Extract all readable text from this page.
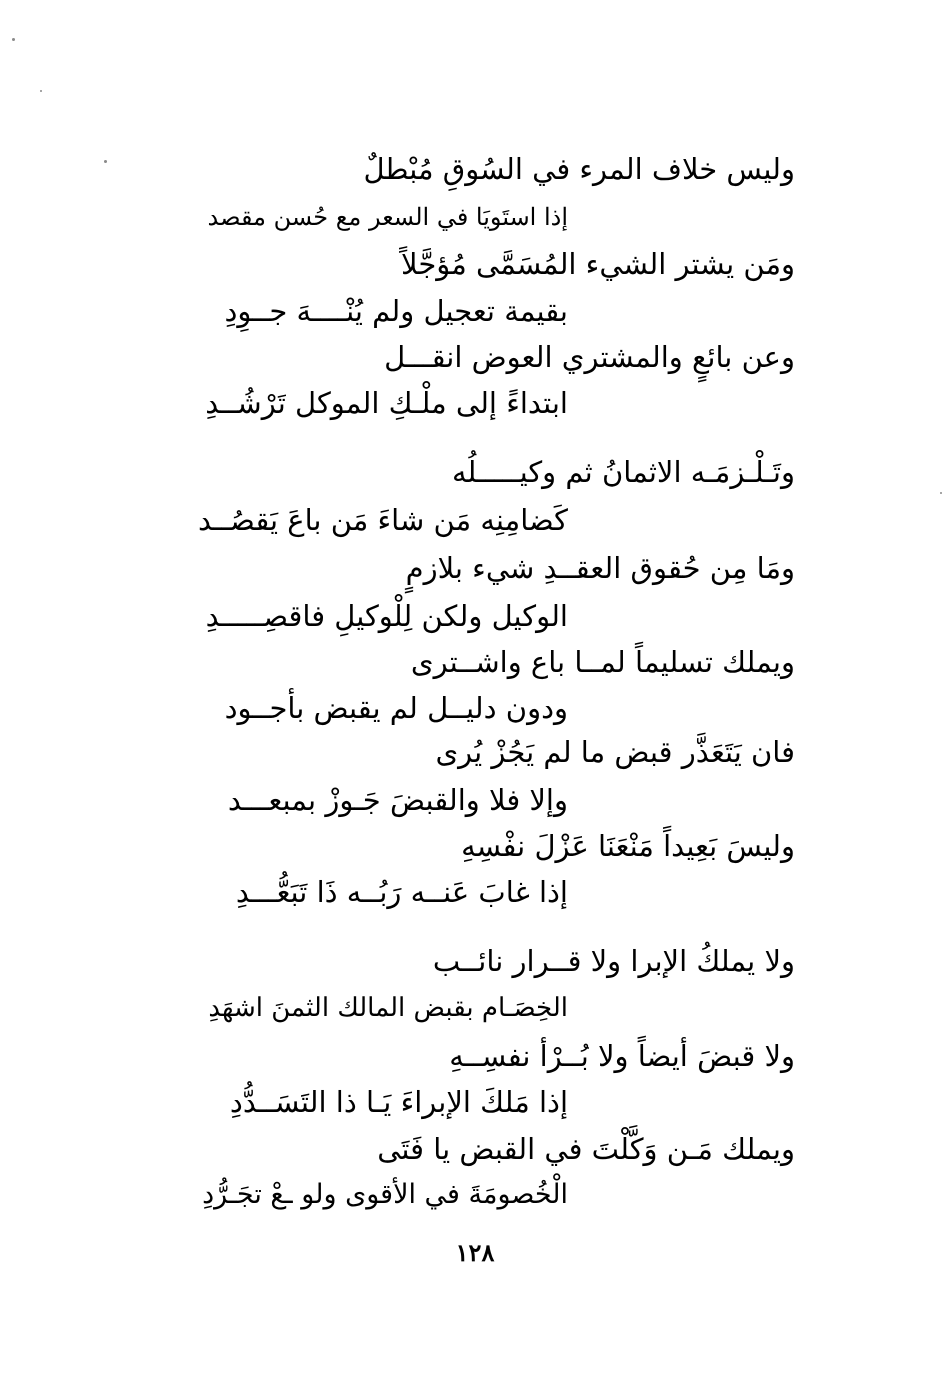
وليس خلاف المرء في السُوقِ مُبْطلٌ

إذا استَويَا في السعر مع حُسن مقصد

ومَن يشتر الشيء المُسَمَّى مُؤجَّلاً

بقيمة تعجيل ولم يُنْــــهَ جــوِدِ

وعن بائعٍ والمشتري العوض انقـــل

ابتداءً إلى ملْـكِ الموكل تَرْشُــدِ

وتَـلْـزمَـه الاثمانُ ثم وكيـــــلُه

كَضامِنِه مَن شاءَ مَن باعَ يَقصُــد

ومَا مِن حُقوق العقــدِ شيء بلازمٍ

الوكيل ولكن لِلْوكيلِ فاقصِـــــدِ

ويملك تسليماً لمــا باع واشــترى

ودون دليــل لم يقبض بأجــود

فان يَتَعَذَّر قبض ما لم يَجُزْ يُرى

وإلا فلا والقبضَ جَـوزْ بمبعـــد

وليسَ بَعِيداً مَنْعَنَا عَزْلَ نفْسِهِ

إذا غابَ عَنــه رَبُــه ذَا تَبَعُّـــدِ

ولا يملكُ الإبرا ولا قــرار نائــب

الخِصَـام بقبض المالك الثمنَ اشهَدِ

ولا قبضَ أيضاً ولا بُــرْأ نفسِــهِ

إذا مَلكَ الإبراءَ يَـا ذا التَسَــدُّدِ

ويملك مَـن وَكَّلْتَ في القبض يا فَتَى

الْخُصومَةَ في الأقوى ولو ـعْ تجَـرُّدِ

١٢٨
